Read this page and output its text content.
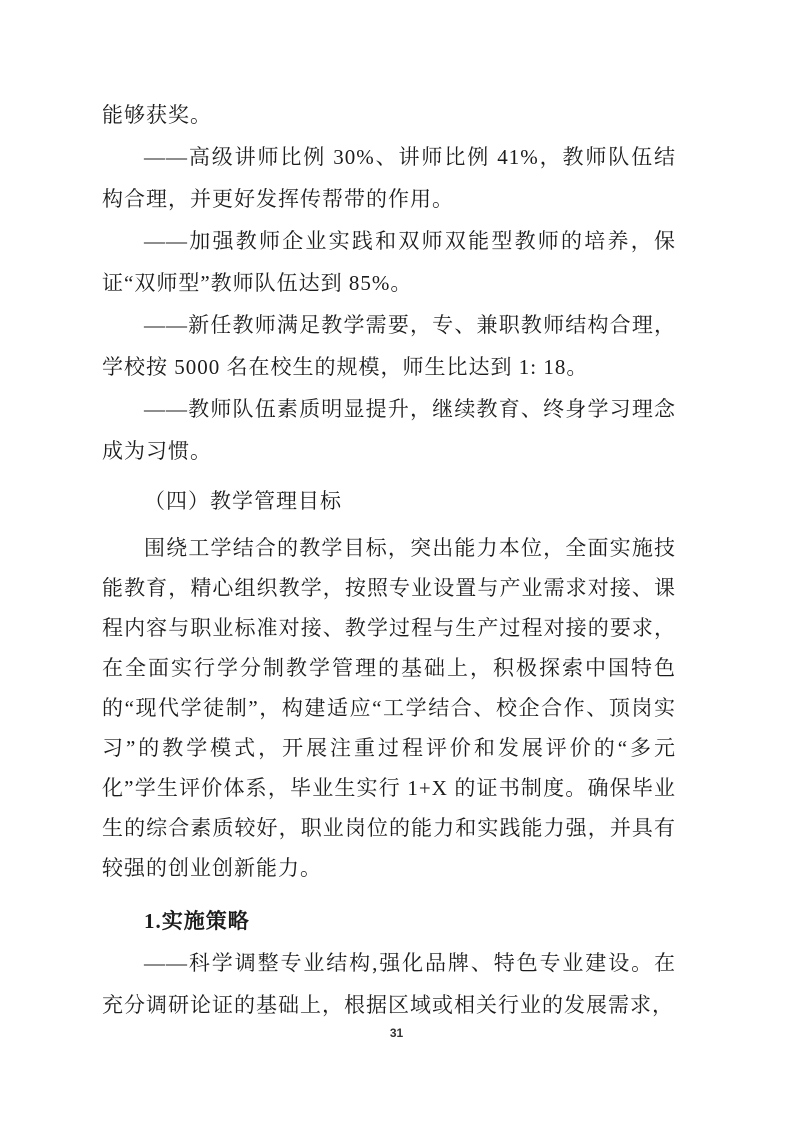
能够获奖。

——高级讲师比例 30%、讲师比例 41%，教师队伍结构合理，并更好发挥传帮带的作用。

——加强教师企业实践和双师双能型教师的培养，保证“双师型”教师队伍达到 85%。

——新任教师满足教学需要，专、兼职教师结构合理，学校按 5000 名在校生的规模，师生比达到 1: 18。

——教师队伍素质明显提升，继续教育、终身学习理念成为习惯。

（四）教学管理目标

围绕工学结合的教学目标，突出能力本位，全面实施技能教育，精心组织教学，按照专业设置与产业需求对接、课程内容与职业标准对接、教学过程与生产过程对接的要求，在全面实行学分制教学管理的基础上，积极探索中国特色的“现代学徒制”，构建适应“工学结合、校企合作、顶岗实习”的教学模式，开展注重过程评价和发展评价的“多元化”学生评价体系，毕业生实行 1+X 的证书制度。确保毕业生的综合素质较好，职业岗位的能力和实践能力强，并具有较强的创业创新能力。

1.实施策略

——科学调整专业结构,强化品牌、特色专业建设。在充分调研论证的基础上，根据区域或相关行业的发展需求，

31
